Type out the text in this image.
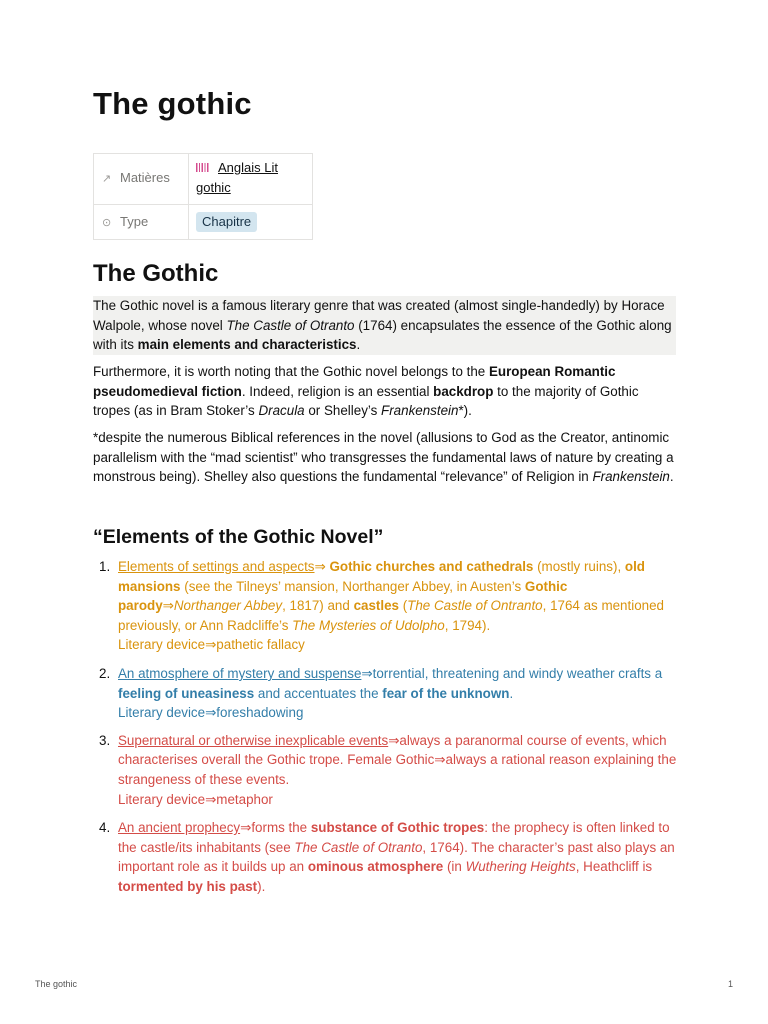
The gothic
↗ Matières	Anglais Lit
gothic
⊙ Type	Chapitre
The Gothic

The Gothic novel is a famous literary genre that was created (almost single-handedly) by Horace Walpole, whose novel The Castle of Otranto (1764) encapsulates the essence of the Gothic along with its main elements and characteristics.

Furthermore, it is worth noting that the Gothic novel belongs to the European Romantic pseudomedieval fiction. Indeed, religion is an essential backdrop to the majority of Gothic tropes (as in Bram Stoker’s Dracula or Shelley’s Frankenstein*).

*despite the numerous Biblical references in the novel (allusions to God as the Creator, antinomic parallelism with the “mad scientist” who transgresses the fundamental laws of nature by creating a monstrous being). Shelley also questions the fundamental “relevance” of Religion in Frankenstein.

“Elements of the Gothic Novel”
1. Elements of settings and aspects⇒ Gothic churches and cathedrals (mostly ruins), old mansions (see the Tilneys’ mansion, Northanger Abbey, in Austen’s Gothic parody⇒Northanger Abbey, 1817) and castles (The Castle of Ontranto, 1764 as mentioned previously, or Ann Radcliffe’s The Mysteries of Udolpho, 1794).
Literary device⇒pathetic fallacy
2. An atmosphere of mystery and suspense⇒torrential, threatening and windy weather crafts a feeling of uneasiness and accentuates the fear of the unknown.
Literary device⇒foreshadowing
3. Supernatural or otherwise inexplicable events⇒always a paranormal course of events, which characterises overall the Gothic trope. Female Gothic⇒always a rational reason explaining the strangeness of these events.
Literary device⇒metaphor
4. An ancient prophecy⇒forms the substance of Gothic tropes: the prophecy is often linked to the castle/its inhabitants (see The Castle of Otranto, 1764). The character’s past also plays an important role as it builds up an ominous atmosphere (in Wuthering Heights, Heathcliff is tormented by his past).
The gothic	1
